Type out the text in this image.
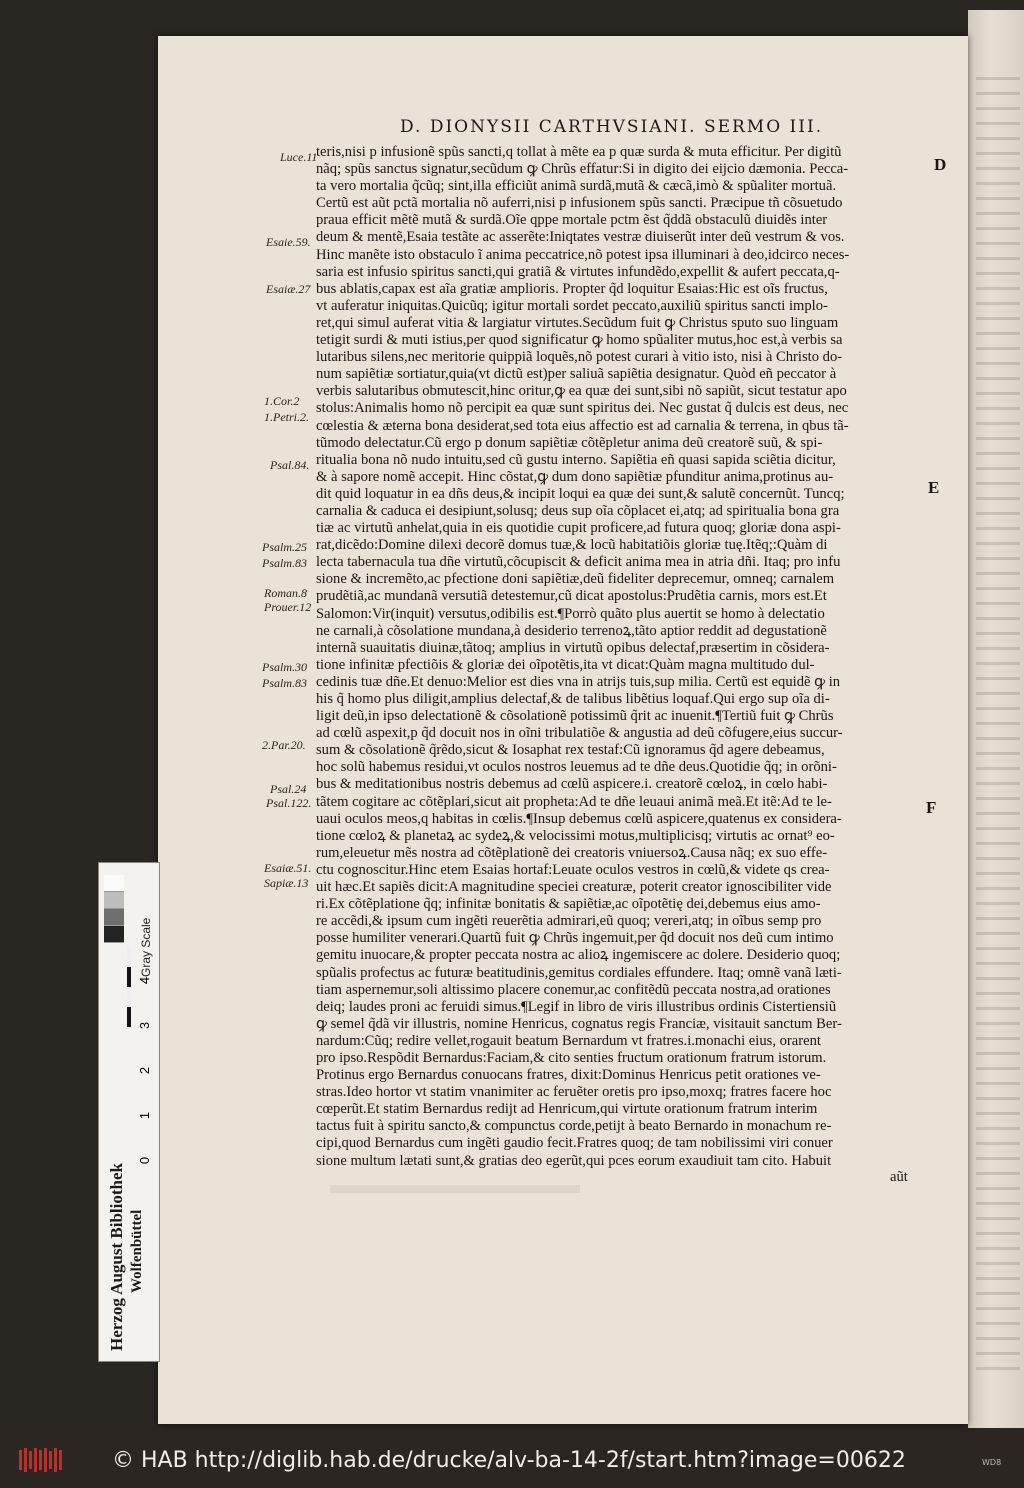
D. DIONYSII CARTHVSIANI. SERMO III.
teris,nisi p infusionẽ spũs sancti,q tollat à mẽte ea p quæ surda & muta efficitur. Per digitũ
nãq; spũs sanctus signatur,secũdum ꝙ Chrũs effatur:Si in digito dei eijcio dæmonia. Pecca-
ta vero mortalia q̃cũq; sint,illa efficiũt animã surdã,mutã & cæcã,imò & spũaliter mortuã.
Certũ est aũt pctã mortalia nõ auferri,nisi p infusionem spũs sancti. Præcipue tñ cõsuetudo
praua efficit mẽtẽ mutã & surdã.Oĩe qppe mortale pctm ẽst q̃ddã obstaculũ diuidẽs inter
deum & mentẽ,Esaia testãte ac asserẽte:Iniqtates vestræ diuiserũt inter deũ vestrum & vos.
Hinc manẽte isto obstaculo ĩ anima peccatrice,nõ potest ipsa illuminari à deo,idcirco neces-
saria est infusio spiritus sancti,qui gratiã & virtutes infundẽdo,expellit & aufert peccata,q-
bus ablatis,capax est aĩa gratiæ amplioris. Propter q̃d loquitur Esaias:Hic est oĩs fructus,
vt auferatur iniquitas.Quicũq; igitur mortali sordet peccato,auxiliũ spiritus sancti implo-
ret,qui simul auferat vitia & largiatur virtutes.Secũdum fuit ꝙ Christus sputo suo linguam
tetigit surdi & muti istius,per quod significatur ꝙ homo spũaliter mutus,hoc est,à verbis sa
lutaribus silens,nec meritorie quippiã loquẽs,nõ potest curari à vitio isto, nisi à Christo do-
num sapiẽtiæ sortiatur,quia(vt dictũ est)per saliuã sapiẽtia designatur. Quòd eñ peccator à
verbis salutaribus obmutescit,hinc oritur,ꝙ ea quæ dei sunt,sibi nõ sapiũt, sicut testatur apo
stolus:Animalis homo nõ percipit ea quæ sunt spiritus dei. Nec gustat q̃ dulcis est deus, nec
cœlestia & æterna bona desiderat,sed tota eius affectio est ad carnalia & terrena, in qbus tã-
tũmodo delectatur.Cũ ergo p donum sapiẽtiæ cõtẽpletur anima deũ creatorẽ suũ, & spi-
ritualia bona nõ nudo intuitu,sed cũ gustu interno. Sapiẽtia eñ quasi sapida sciẽtia dicitur,
& à sapore nomẽ accepit. Hinc cõstat,ꝙ dum dono sapiẽtiæ pfunditur anima,protinus au-
dit quid loquatur in ea dñs deus,& incipit loqui ea quæ dei sunt,& salutẽ concernũt. Tuncq;
carnalia & caduca ei desipiunt,solusq; deus sup oĩa cõplacet ei,atq; ad spiritualia bona gra
tiæ ac virtutũ anhelat,quia in eis quotidie cupit proficere,ad futura quoq; gloriæ dona aspi-
rat,dicẽdo:Domine dilexi decorẽ domus tuæ,& locũ habitatiõis gloriæ tuę.Itẽq;:Quàm di
lecta tabernacula tua dñe virtutũ,cõcupiscit & deficit anima mea in atria dñi. Itaq; pro infu
sione & incremẽto,ac pfectione doni sapiẽtiæ,deũ fideliter deprecemur, omneq; carnalem
prudẽtiã,ac mundanã versutiã detestemur,cũ dicat apostolus:Prudẽtia carnis, mors est.Et
Salomon:Vir(inquit) versutus,odibilis est.¶Porrò quãto plus auertit se homo à delectatio
ne carnali,à cõsolatione mundana,à desiderio terrenoꝝ,tãto aptior reddit ad degustationẽ
internã suauitatis diuinæ,tãtoq; amplius in virtutũ opibus delectaf,præsertim in cõsidera-
tione infinitæ pfectiõis & gloriæ dei oĩpotẽtis,ita vt dicat:Quàm magna multitudo dul-
cedinis tuæ dñe.Et denuo:Melior est dies vna in atrijs tuis,sup milia. Certũ est equidẽ ꝙ in
his q̃ homo plus diligit,amplius delectaf,& de talibus libẽtius loquaf.Qui ergo sup oĩa di-
ligit deũ,in ipso delectationẽ & cõsolationẽ potissimũ q̃rit ac inuenit.¶Tertiũ fuit ꝙ Chrũs
ad cœlũ aspexit,p q̃d docuit nos in oĩni tribulatiõe & angustia ad deũ cõfugere,eius succur-
sum & cõsolationẽ q̃rẽdo,sicut & Iosaphat rex testaf:Cũ ignoramus q̃d agere debeamus,
hoc solũ habemus residui,vt oculos nostros leuemus ad te dñe deus.Quotidie q̃q; in orõni-
bus & meditationibus nostris debemus ad cœlũ aspicere.i. creatorẽ cœloꝝ, in cœlo habi-
tãtem cogitare ac cõtẽplari,sicut ait propheta:Ad te dñe leuaui animã meã.Et itẽ:Ad te le-
uaui oculos meos,q habitas in cœlis.¶Insup debemus cœlũ aspicere,quatenus ex considera-
tione cœloꝝ & planetaꝝ ac sydeꝝ,& velocissimi motus,multiplicisq; virtutis ac ornat⁹ eo-
rum,eleuetur mẽs nostra ad cõtẽplationẽ dei creatoris vniuersoꝝ.Causa nãq; ex suo effe-
ctu cognoscitur.Hinc etem Esaias hortaf:Leuate oculos vestros in cœlũ,& videte qs crea-
uit hæc.Et sapiẽs dicit:A magnitudine speciei creaturæ, poterit creator ignoscibiliter vide
ri.Ex cõtẽplatione q̃q; infinitæ bonitatis & sapiẽtiæ,ac oĩpotẽtię dei,debemus eius amo-
re accẽdi,& ipsum cum ingẽti reuerẽtia admirari,eũ quoq; vereri,atq; in oĩbus semp pro
posse humiliter venerari.Quartũ fuit ꝙ Chrũs ingemuit,per q̃d docuit nos deũ cum intimo
gemitu inuocare,& propter peccata nostra ac alioꝝ ingemiscere ac dolere. Desiderio quoq;
spũalis profectus ac futuræ beatitudinis,gemitus cordiales effundere. Itaq; omnẽ vanã læti-
tiam aspernemur,soli altissimo placere conemur,ac confitẽdũ peccata nostra,ad orationes
deiq; laudes proni ac feruidi simus.¶Legif in libro de viris illustribus ordinis Cistertiensiũ
ꝙ semel q̃dã vir illustris, nomine Henricus, cognatus regis Franciæ, visitauit sanctum Ber-
nardum:Cũq; redire vellet,rogauit beatum Bernardum vt fratres.i.monachi eius, orarent
pro ipso.Respõdit Bernardus:Faciam,& cito senties fructum orationum fratrum istorum.
Protinus ergo Bernardus conuocans fratres, dixit:Dominus Henricus petit orationes ve-
stras.Ideo hortor vt statim vnanimiter ac feruẽter oretis pro ipso,moxq; fratres facere hoc
cœperũt.Et statim Bernardus redijt ad Henricum,qui virtute orationum fratrum interim
tactus fuit à spiritu sancto,& compunctus corde,petijt à beato Bernardo in monachum re-
cipi,quod Bernardus cum ingẽti gaudio fecit.Fratres quoq; de tam nobilissimi viri conuer
sione multum lætati sunt,& gratias deo egerũt,qui pces eorum exaudiuit tam cito. Habuit
aũt
Luce.11
Esaie.59.
Esaiæ.27
1.Cor.2
1.Petri.2.
Psal.84.
Psalm.25
Psalm.83
Roman.8
Prouer.12
Psalm.30
Psalm.83
2.Par.20.
Psal.24
Psal.122.
Esaiæ.51.
Sapiæ.13
D
E
F
Gray Scale
0
1
2
3
4
Herzog August Bibliothek Wolfenbüttel
© HAB http://diglib.hab.de/drucke/alv-ba-14-2f/start.htm?image=00622	WD8
